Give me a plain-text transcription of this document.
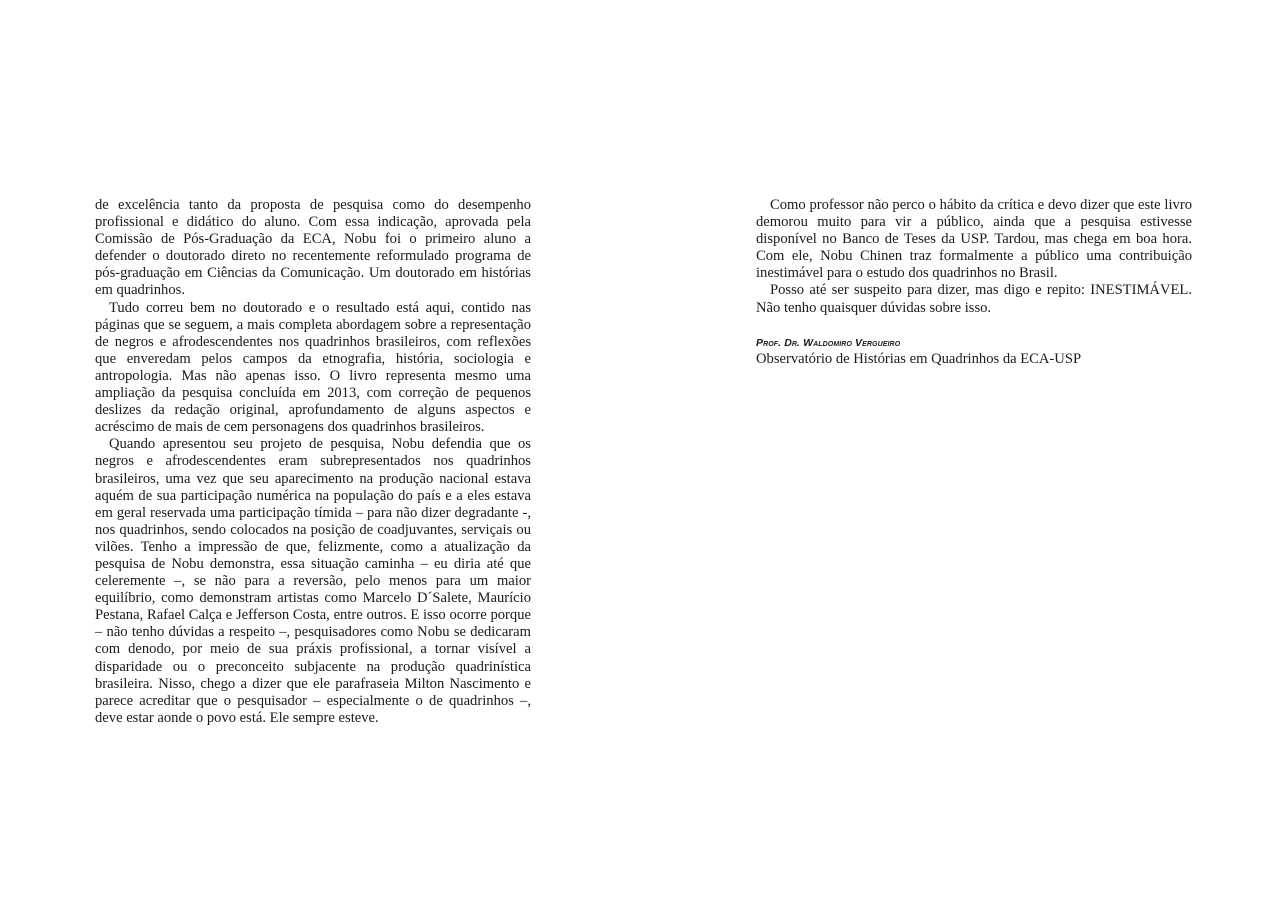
de excelência tanto da proposta de pesquisa como do desempenho profissional e didático do aluno. Com essa indicação, aprovada pela Comissão de Pós-Graduação da ECA, Nobu foi o primeiro aluno a defender o doutorado direto no recentemente reformulado programa de pós-graduação em Ciências da Comunicação. Um doutorado em histórias em quadrinhos.

Tudo correu bem no doutorado e o resultado está aqui, contido nas páginas que se seguem, a mais completa abordagem sobre a representação de negros e afrodescendentes nos quadrinhos brasileiros, com reflexões que enveredam pelos campos da etnografia, história, sociologia e antropologia. Mas não apenas isso. O livro representa mesmo uma ampliação da pesquisa concluída em 2013, com correção de pequenos deslizes da redação original, aprofundamento de alguns aspectos e acréscimo de mais de cem personagens dos quadrinhos brasileiros.

Quando apresentou seu projeto de pesquisa, Nobu defendia que os negros e afrodescendentes eram subrepresentados nos quadrinhos brasileiros, uma vez que seu aparecimento na produção nacional estava aquém de sua participação numérica na população do país e a eles estava em geral reservada uma participação tímida – para não dizer degradante -, nos quadrinhos, sendo colocados na posição de coadjuvantes, serviçais ou vilões. Tenho a impressão de que, felizmente, como a atualização da pesquisa de Nobu demonstra, essa situação caminha – eu diria até que celeremente –, se não para a reversão, pelo menos para um maior equilíbrio, como demonstram artistas como Marcelo D´Salete, Maurício Pestana, Rafael Calça e Jefferson Costa, entre outros. E isso ocorre porque – não tenho dúvidas a respeito –, pesquisadores como Nobu se dedicaram com denodo, por meio de sua práxis profissional, a tornar visível a disparidade ou o preconceito subjacente na produção quadrinística brasileira. Nisso, chego a dizer que ele parafraseia Milton Nascimento e parece acreditar que o pesquisador – especialmente o de quadrinhos –, deve estar aonde o povo está. Ele sempre esteve.

Como professor não perco o hábito da crítica e devo dizer que este livro demorou muito para vir a público, ainda que a pesquisa estivesse disponível no Banco de Teses da USP. Tardou, mas chega em boa hora. Com ele, Nobu Chinen traz formalmente a público uma contribuição inestimável para o estudo dos quadrinhos no Brasil.

Posso até ser suspeito para dizer, mas digo e repito: INESTIMÁVEL. Não tenho quaisquer dúvidas sobre isso.

Prof. Dr. Waldomiro Vergueiro

Observatório de Histórias em Quadrinhos da ECA-USP
